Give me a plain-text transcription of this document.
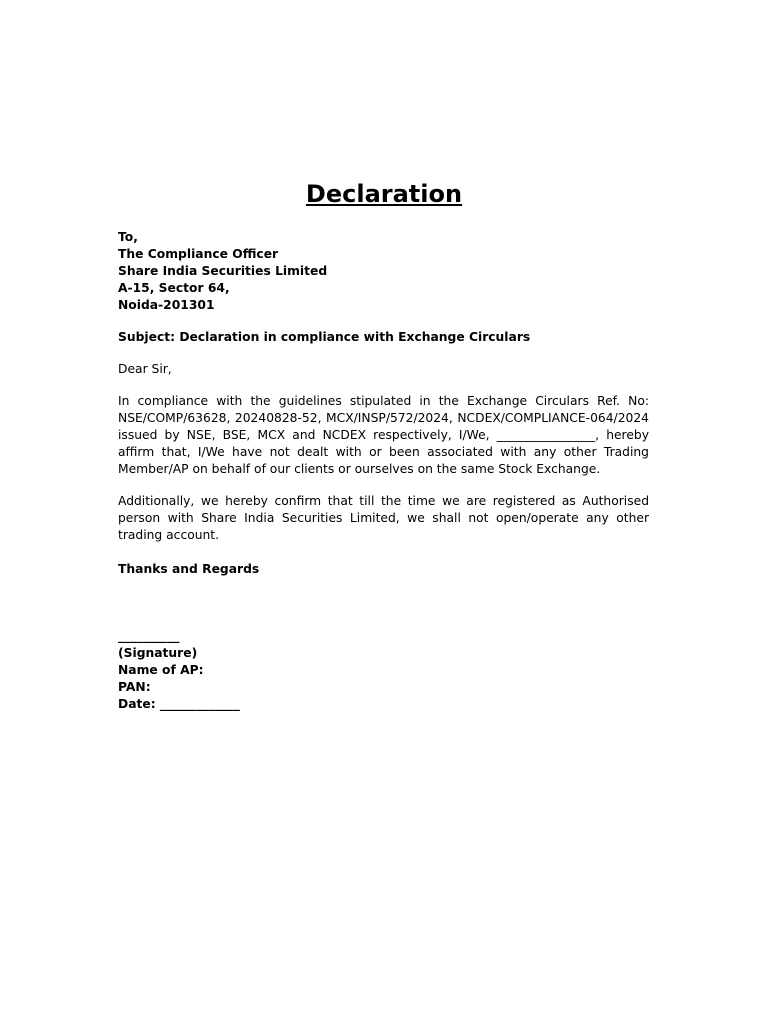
Declaration
To,
The Compliance Officer
Share India Securities Limited
A-15, Sector 64,
Noida-201301

Subject: Declaration in compliance with Exchange Circulars

Dear Sir,

In compliance with the guidelines stipulated in the Exchange Circulars Ref. No: NSE/COMP/63628, 20240828-52, MCX/INSP/572/2024, NCDEX/COMPLIANCE-064/2024 issued by NSE, BSE, MCX and NCDEX respectively, I/We, ________________, hereby affirm that, I/We have not dealt with or been associated with any other Trading Member/AP on behalf of our clients or ourselves on the same Stock Exchange.

Additionally, we hereby confirm that till the time we are registered as Authorised person with Share India Securities Limited, we shall not open/operate any other trading account.

Thanks and Regards

__________
(Signature)
Name of AP:
PAN:
Date: _____________
